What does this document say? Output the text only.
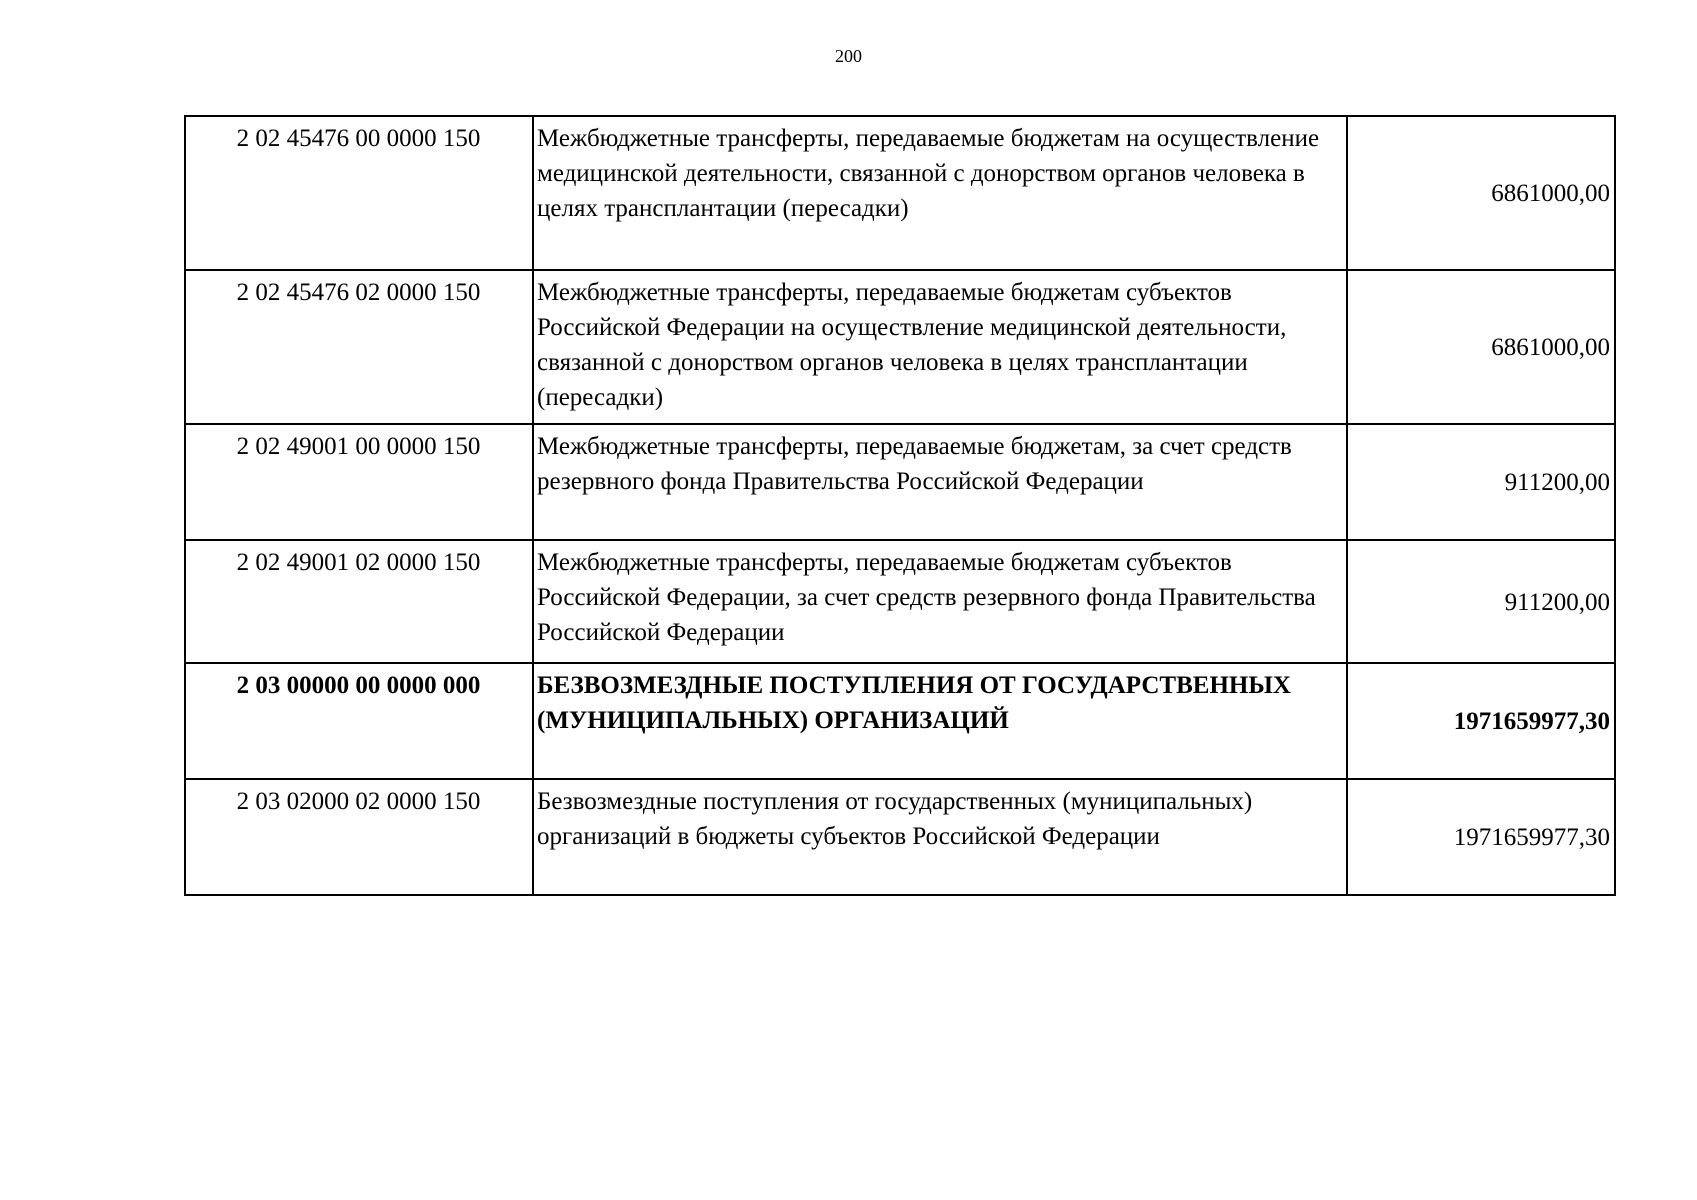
200
2 02 45476 00 0000 150	Межбюджетные трансферты, передаваемые бюджетам на осуществление медицинской деятельности, связанной с донорством органов человека в целях трансплантации (пересадки)	6861000,00
2 02 45476 02 0000 150	Межбюджетные трансферты, передаваемые бюджетам субъектов Российской Федерации на осуществление медицинской деятельности, связанной с донорством органов человека в целях трансплантации (пересадки)	6861000,00
2 02 49001 00 0000 150	Межбюджетные трансферты, передаваемые бюджетам, за счет средств резервного фонда Правительства Российской Федерации	911200,00
2 02 49001 02 0000 150	Межбюджетные трансферты, передаваемые бюджетам субъектов Российской Федерации, за счет средств резервного фонда Правительства Российской Федерации	911200,00
2 03 00000 00 0000 000	БЕЗВОЗМЕЗДНЫЕ ПОСТУПЛЕНИЯ ОТ ГОСУДАРСТВЕННЫХ (МУНИЦИПАЛЬНЫХ) ОРГАНИЗАЦИЙ	1971659977,30
2 03 02000 02 0000 150	Безвозмездные поступления от государственных (муниципальных) организаций в бюджеты субъектов Российской Федерации	1971659977,30
